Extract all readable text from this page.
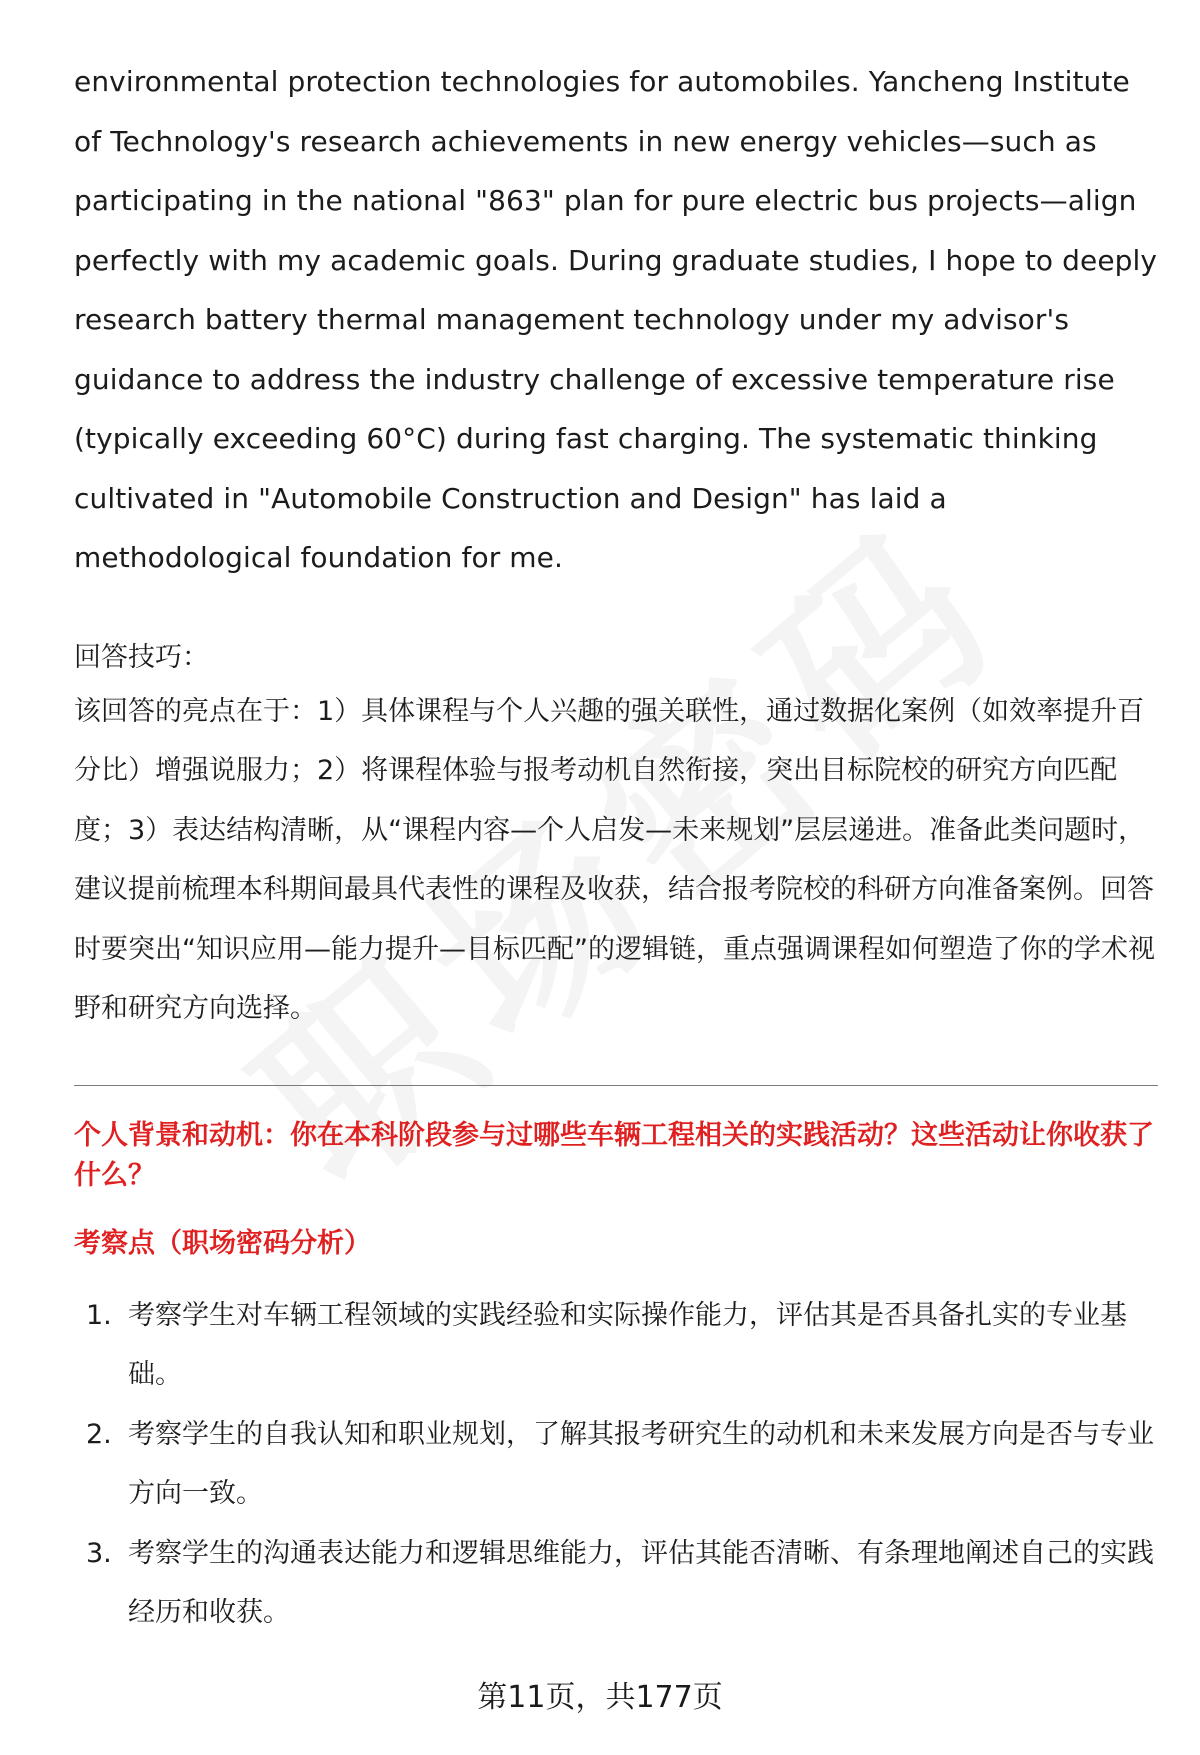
environmental protection technologies for automobiles. Yancheng Institute of Technology's research achievements in new energy vehicles—such as participating in the national "863" plan for pure electric bus projects—align perfectly with my academic goals. During graduate studies, I hope to deeply research battery thermal management technology under my advisor's guidance to address the industry challenge of excessive temperature rise (typically exceeding 60°C) during fast charging. The systematic thinking cultivated in "Automobile Construction and Design" has laid a methodological foundation for me.

回答技巧：

该回答的亮点在于：1）具体课程与个人兴趣的强关联性，通过数据化案例（如效率提升百分比）增强说服力；2）将课程体验与报考动机自然衔接，突出目标院校的研究方向匹配度；3）表达结构清晰，从“课程内容—个人启发—未来规划”层层递进。准备此类问题时，建议提前梳理本科期间最具代表性的课程及收获，结合报考院校的科研方向准备案例。回答时要突出“知识应用—能力提升—目标匹配”的逻辑链，重点强调课程如何塑造了你的学术视野和研究方向选择。

个人背景和动机：你在本科阶段参与过哪些车辆工程相关的实践活动？这些活动让你收获了什么？
考察点（职场密码分析）
1. 考察学生对车辆工程领域的实践经验和实际操作能力，评估其是否具备扎实的专业基础。
2. 考察学生的自我认知和职业规划，了解其报考研究生的动机和未来发展方向是否与专业方向一致。
3. 考察学生的沟通表达能力和逻辑思维能力，评估其能否清晰、有条理地阐述自己的实践经历和收获。
第11页，共177页
